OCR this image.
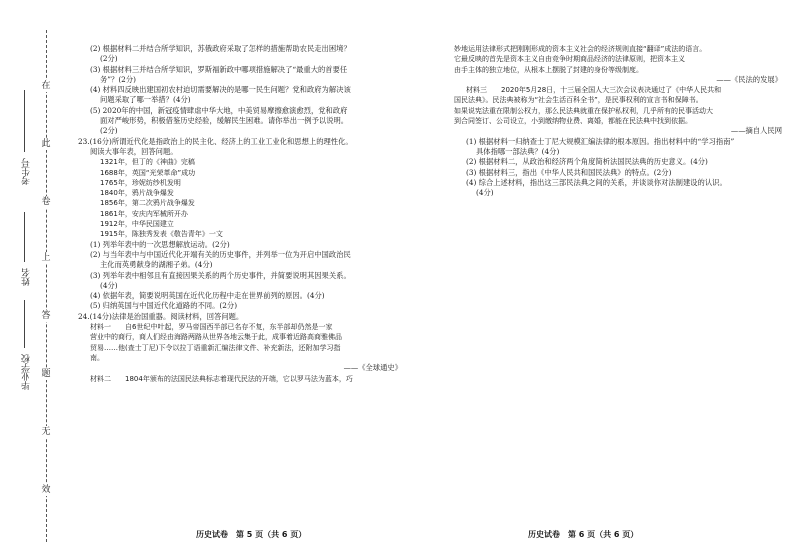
在
此
卷
上
答
题
无
效
考生号
姓名
毕业学校
(2) 根据材料二并结合所学知识，苏俄政府采取了怎样的措施帮助农民走出困境？
(2分)
(3) 根据材料三并结合所学知识，罗斯福新政中哪项措施解决了“最重大的首要任
务”？(2分)
(4) 材料四反映出建国初农村迫切需要解决的是哪一民生问题？党和政府为解决该
问题采取了哪一举措？(4分)
(5) 2020年的中国，新冠疫情肆虐中华大地，中美贸易摩擦愈演愈烈，党和政府
面对严峻形势，积极借鉴历史经验，缓解民生困难。请你举出一例予以说明。
(2分)
23.(16分)所谓近代化是指政治上的民主化、经济上的工业工业化和思想上的理性化。
阅读大事年表，回答问题。
1321年，但丁的《神曲》完稿
1688年，英国“光荣革命”成功
1765年，珍妮纺纱机发明
1840年，鸦片战争爆发
1856年，第二次鸦片战争爆发
1861年，安庆内军械所开办
1912年，中华民国建立
1915年，陈独秀发表《敬告青年》一文
(1) 列举年表中的一次思想解放运动。(2分)
(2) 与当年表中与中国近代化开端有关的历史事件，并列举一位为开启中国政治民
主化而英勇献身的湖湘子弟。(4分)
(3) 列举年表中相邻且有直接因果关系的两个历史事件，并简要说明其因果关系。
(4分)
(4) 依据年表，简要说明英国在近代化历程中走在世界前列的原因。(4分)
(5) 归纳英国与中国近代化道路的不同。(2分)
24.(14分)法律是治国重器。阅读材料，回答问题。
材料一　　自6世纪中叶起，罗马帝国西半部已名存不复，东半部却仍然是一家
营业中的商行，商人们经由海路两路从世界各地云集于此，成事着近路高商雅佛品
贸易……他(查士丁尼)下令以拉丁语重新汇编法律文件、补充新法，还附加学习指
南。
——《全球通史》
材料二　　1804年颁布的法国民法典标志着现代民法的开端，它以罗马法为蓝本，巧
历史试卷　第 5 页（共 6 页）
妙地运用法律形式把刚刚形成的资本主义社会的经济规则直接“翻译”成法的语言。
它最反映的首先是资本主义自由竞争时期商品经济的法律原则，把资本主义
由手主体的独立地位，从根本上摆脱了封建的身份等级制度。
——《民法的发展》
材料三　　2020年5月28日，十三届全国人大三次会议表决通过了《中华人民共和
国民法典》。民法典被称为“社会生活百科全书”，是民事权利的宣言书和保障书。
如果说宪法重在限制公权力，那么民法典就重在保护私权利，几乎所有的民事活动大
到合同签订、公司设立，小到缴纳物业费、离婚，都能在民法典中找到依据。
——摘自人民网
(1) 根据材料一归纳查士丁尼大规模汇编法律的根本原因。指出材料中的“学习指南”
具体指哪一部法典？(4分)
(2) 根据材料二，从政治和经济两个角度简析法国民法典的历史意义。(4分)
(3) 根据材料三，指出《中华人民共和国民法典》的特点。(2分)
(4) 综合上述材料，指出这三部民法典之间的关系，并谈谈你对法制建设的认识。
(4分)
历史试卷　第 6 页（共 6 页）
